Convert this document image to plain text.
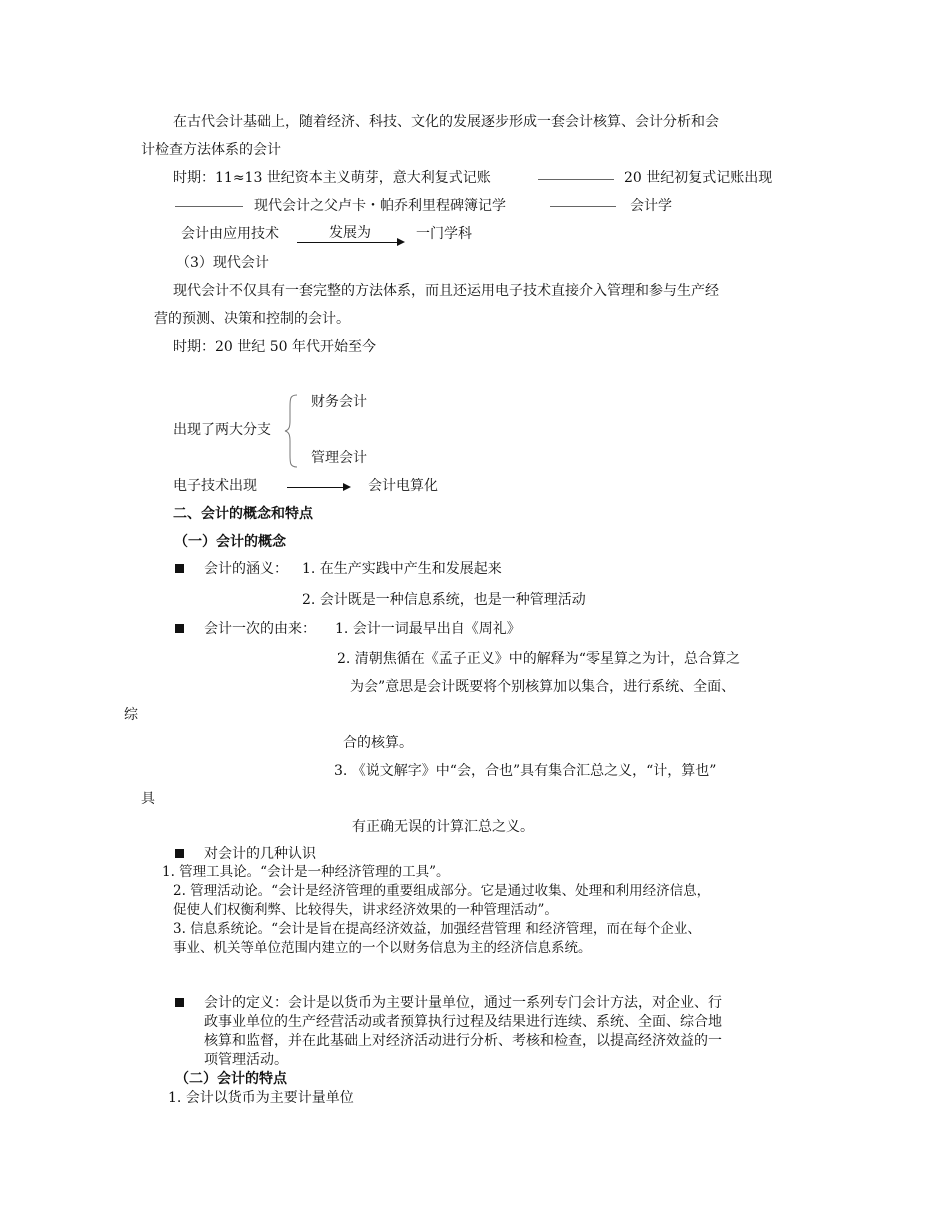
在古代会计基础上，随着经济、科技、文化的发展逐步形成一套会计核算、会计分析和会
计检查方法体系的会计
时期：11≈13 世纪资本主义萌芽，意大利复式记账	20 世纪初复式记账出现
现代会计之父卢卡・帕乔利里程碑簿记学	会计学
会计由应用技术	发展为	一门学科
（3）现代会计
现代会计不仅具有一套完整的方法体系，而且还运用电子技术直接介入管理和参与生产经
营的预测、决策和控制的会计。
时期：20 世纪 50 年代开始至今
财务会计
出现了两大分支
管理会计
电子技术出现	会计电算化
二、会计的概念和特点
（一）会计的概念
会计的涵义： 1. 在生产实践中产生和发展起来
2. 会计既是一种信息系统，也是一种管理活动
会计一次的由来： 1. 会计一词最早出自《周礼》
2. 清朝焦循在《孟子正义》中的解释为“零星算之为计，总合算之
为会”意思是会计既要将个别核算加以集合，进行系统、全面、
综
合的核算。
3. 《说文解字》中“会，合也”具有集合汇总之义，“计，算也”
具
有正确无误的计算汇总之义。
对会计的几种认识
1. 管理工具论。“会计是一种经济管理的工具”。
2. 管理活动论。“会计是经济管理的重要组成部分。它是通过收集、处理和利用经济信息，
促使人们权衡利弊、比较得失，讲求经济效果的一种管理活动”。
3. 信息系统论。“会计是旨在提高经济效益，加强经营管理 和经济管理，而在每个企业、
事业、机关等单位范围内建立的一个以财务信息为主的经济信息系统。
会计的定义：会计是以货币为主要计量单位，通过一系列专门会计方法，对企业、行
政事业单位的生产经营活动或者预算执行过程及结果进行连续、系统、全面、综合地
核算和监督，并在此基础上对经济活动进行分析、考核和检查，以提高经济效益的一
项管理活动。
（二）会计的特点
1. 会计以货币为主要计量单位
